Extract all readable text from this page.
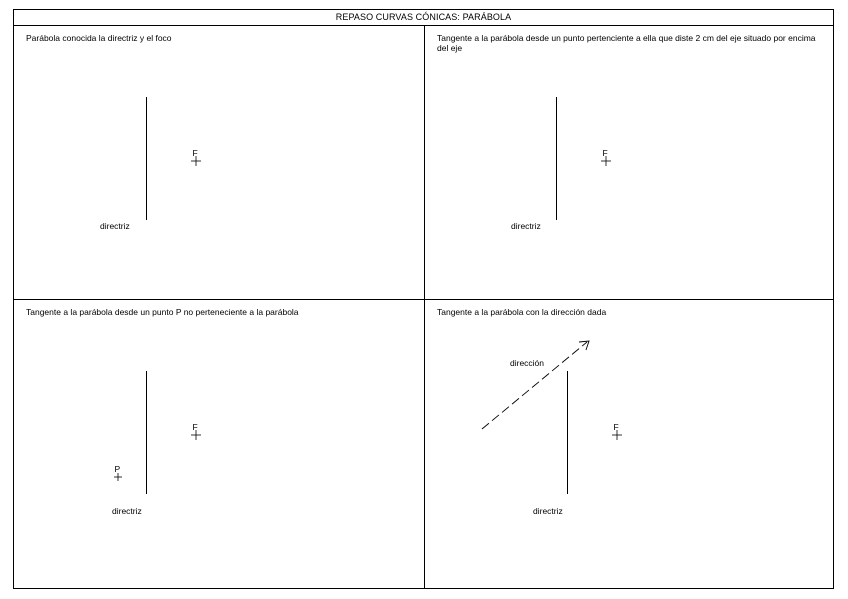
REPASO CURVAS CÓNICAS: PARÁBOLA
Parábola conocida la directriz y el foco
directriz
F
Tangente a la parábola desde un punto pertenciente a ella que diste 2 cm del eje situado por encima del eje
directriz
F
Tangente a la parábola desde un punto P no perteneciente a la parábola
directriz
F
P
Tangente a la parábola con la dirección dada
directriz
F
dirección
